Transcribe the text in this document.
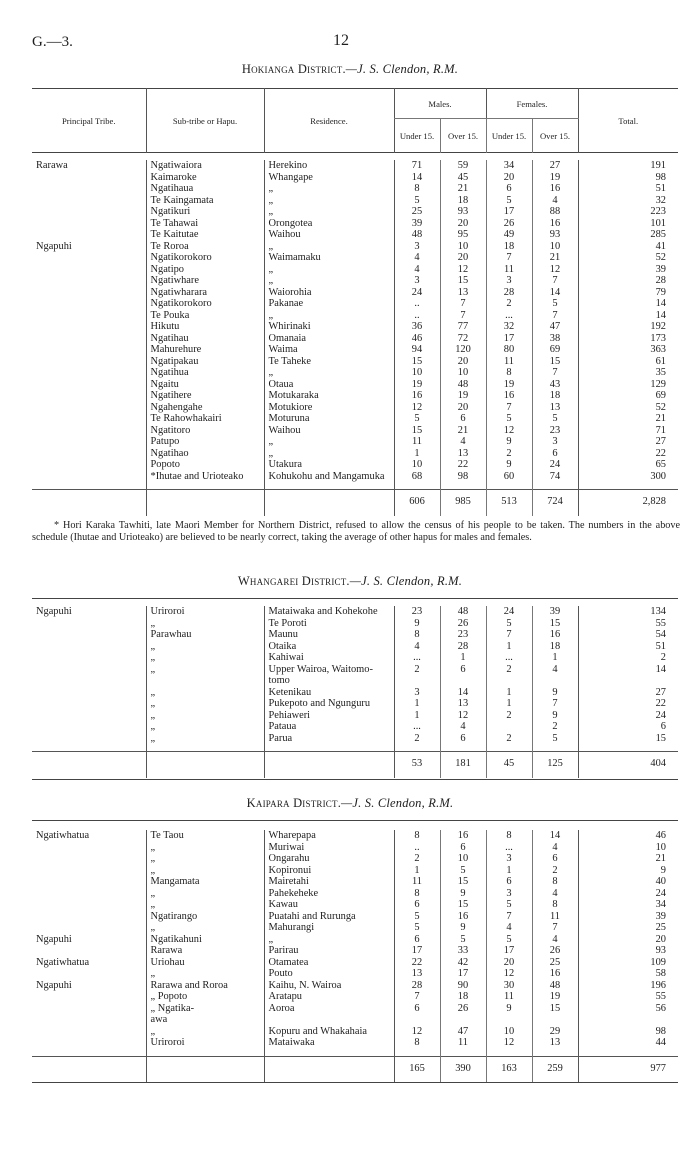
G.—3.	12
Hokianga District.—J. S. Clendon, R.M.
Principal Tribe.	Sub-tribe or Hapu.	Residence.	Males.		Females.		Total.
			Under 15.	Over 15.	Under 15.	Over 15.	
Rarawa	Ngatiwaiora	Herekino	71	59	34	27	191
	Kaimaroke	Whangape	14	45	20	19	98
	Ngatihaua	„	8	21	6	16	51
	Te Kaingamata	„	5	18	5	4	32
	Ngatikuri	„	25	93	17	88	223
	Te Tahawai	Orongotea	39	20	26	16	101
	Te Kaitutae	Waihou	48	95	49	93	285
Ngapuhi	Te Roroa	„	3	10	18	10	41
	Ngatikorokoro	Waimamaku	4	20	7	21	52
	Ngatipo	„	4	12	11	12	39
	Ngatiwhare	„	3	15	3	7	28
	Ngatiwharara	Waiorohia	24	13	28	14	79
	Ngatikorokoro	Pakanae	..	7	2	5	14
	Te Pouka	„	..	7	...	7	14
	Hikutu	Whirinaki	36	77	32	47	192
	Ngatihau	Omanaia	46	72	17	38	173
	Mahurehure	Waima	94	120	80	69	363
	Ngatipakau	Te Taheke	15	20	11	15	61
	Ngatihua	„	10	10	8	7	35
	Ngaitu	Otaua	19	48	19	43	129
	Ngatihere	Motukaraka	16	19	16	18	69
	Ngahengahe	Motukiore	12	20	7	13	52
	Te Rahowhakairi	Moturuna	5	6	5	5	21
	Ngatitoro	Waihou	15	21	12	23	71
	Patupo	„	11	4	9	3	27
	Ngatihao	„	1	13	2	6	22
	Popoto	Utakura	10	22	9	24	65
	*Ihutae and Urioteako	Kohukohu and Mangamuka	68	98	60	74	300

			606	985	513	724	2,828

* Hori Karaka Tawhiti, late Maori Member for Northern District, refused to allow the census of his people to be taken. The numbers in the above schedule (Ihutae and Urioteako) are believed to be nearly correct, taking the average of other hapus for males and females.
Whangarei District.—J. S. Clendon, R.M.
Ngapuhi	Uriroroi	Mataiwaka and Kohekohe	23	48	24	39	134
	„	Te Poroti	9	26	5	15	55
	Parawhau	Maunu	8	23	7	16	54
	„	Otaika	4	28	1	18	51
	„	Kahiwai	...	1	...	1	2
	„	Upper Wairoa, Waitomo-	2	6	2	4	14
		tomo					
	„	Ketenikau	3	14	1	9	27
	„	Pukepoto and Ngunguru	1	13	1	7	22
	„	Pehiaweri	1	12	2	9	24
	„	Pataua	...	4		2	6
	„	Parua	2	6	2	5	15

			53	181	45	125	404

Kaipara District.—J. S. Clendon, R.M.
Ngatiwhatua	Te Taou	Wharepapa	8	16	8	14	46
	„	Muriwai	..	6	...	4	10
	„	Ongarahu	2	10	3	6	21
	„	Kopironui	1	5	1	2	9
	Mangamata	Mairetahi	11	15	6	8	40
	„	Pahekeheke	8	9	3	4	24
	„	Kawau	6	15	5	8	34
	Ngatirango	Puatahi and Rurunga	5	16	7	11	39
	„	Mahurangi	5	9	4	7	25
Ngapuhi	Ngatikahuni	„	6	5	5	4	20
	Rarawa	Parirau	17	33	17	26	93
Ngatiwhatua	Uriohau	Otamatea	22	42	20	25	109
	„	Pouto	13	17	12	16	58
Ngapuhi	Rarawa and Roroa	Kaihu, N. Wairoa	28	90	30	48	196
	„ Popoto	Aratapu	7	18	11	19	55
	„ Ngatika-	Aoroa	6	26	9	15	56
	awa						
	„	Kopuru and Whakahaia	12	47	10	29	98
	Uriroroi	Mataiwaka	8	11	12	13	44

			165	390	163	259	977
